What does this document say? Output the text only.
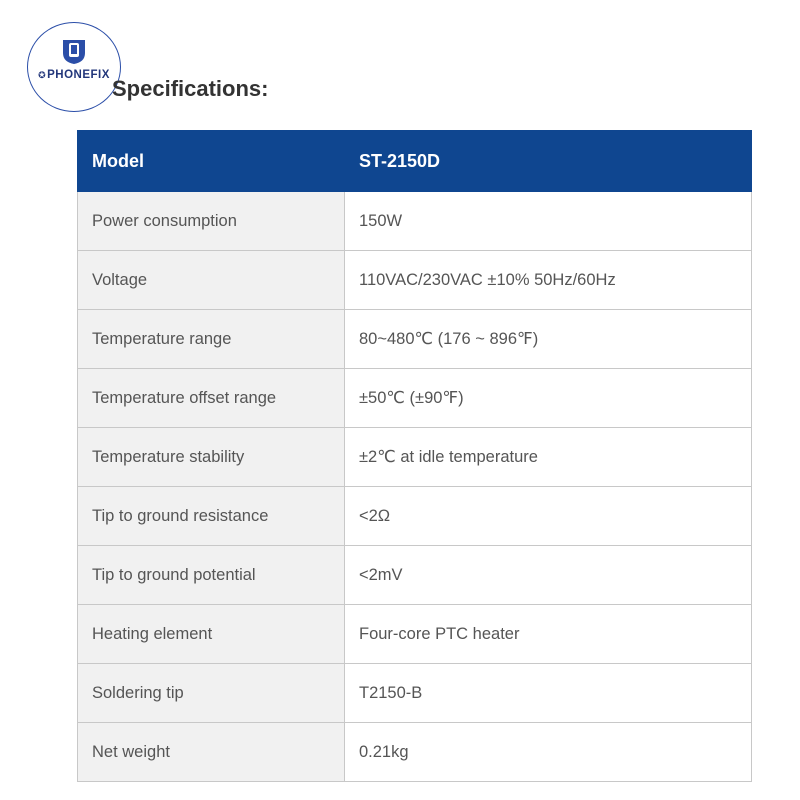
✪PHONEFIX
Specifications:
Model	ST-2150D
Power consumption	150W
Voltage	110VAC/230VAC ±10% 50Hz/60Hz
Temperature range	80~480℃ (176 ~ 896℉)
Temperature offset range	±50℃ (±90℉)
Temperature stability	±2℃ at idle temperature
Tip to ground resistance	<2Ω
Tip to ground potential	<2mV
Heating element	Four-core PTC heater
Soldering tip	T2150-B
Net weight	0.21kg
